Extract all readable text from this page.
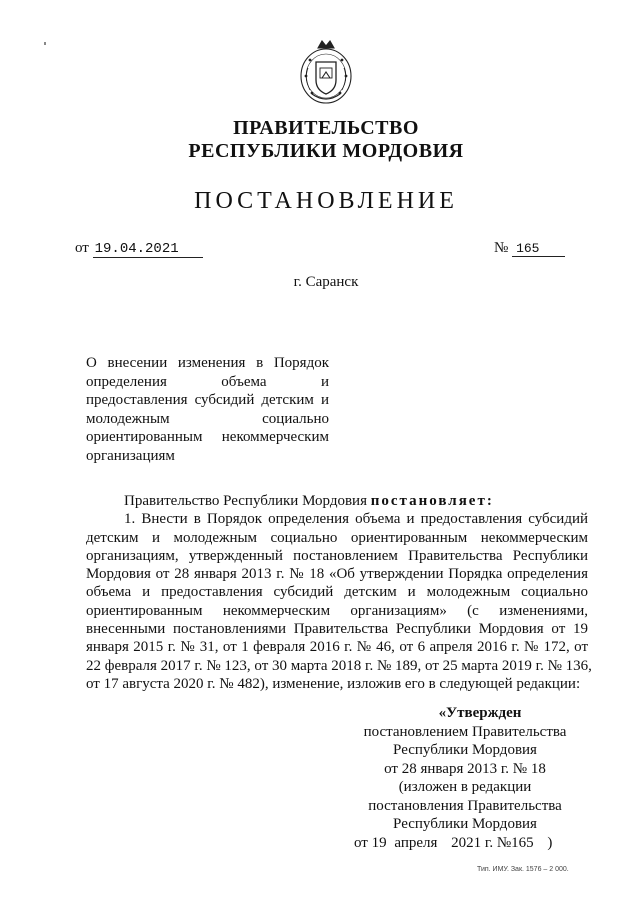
ПРАВИТЕЛЬСТВО
РЕСПУБЛИКИ МОРДОВИЯ
ПОСТАНОВЛЕНИЕ
от 19.04.2021	№ 165
г. Саранск
О внесении изменения в Порядок
определения объема и
предоставления субсидий детским и
молодежным социально
ориентированным некоммерческим
организациям
Правительство Республики Мордовия постановляет:
1. Внести в Порядок определения объема и предоставления субсидий
детским и молодежным социально ориентированным некоммерческим
организациям, утвержденный постановлением Правительства Республики
Мордовия от 28 января 2013 г. № 18 «Об утверждении Порядка определения
объема и предоставления субсидий детским и молодежным социально
ориентированным некоммерческим организациям» (с изменениями,
внесенными постановлениями Правительства Республики Мордовия от 19
января 2015 г. № 31, от 1 февраля 2016 г. № 46, от 6 апреля 2016 г. № 172, от
22 февраля 2017 г. № 123, от 30 марта 2018 г. № 189, от 25 марта 2019 г. № 136,
от 17 августа 2020 г. № 482), изменение, изложив его в следующей редакции:
«Утвержден
постановлением Правительства
Республики Мордовия
от 28 января 2013 г. № 18
(изложен в редакции
постановления Правительства
Республики Мордовия
от 19 апреля 2021 г. №165 )
Тип. ИМУ. Зак. 1576 – 2 000.
